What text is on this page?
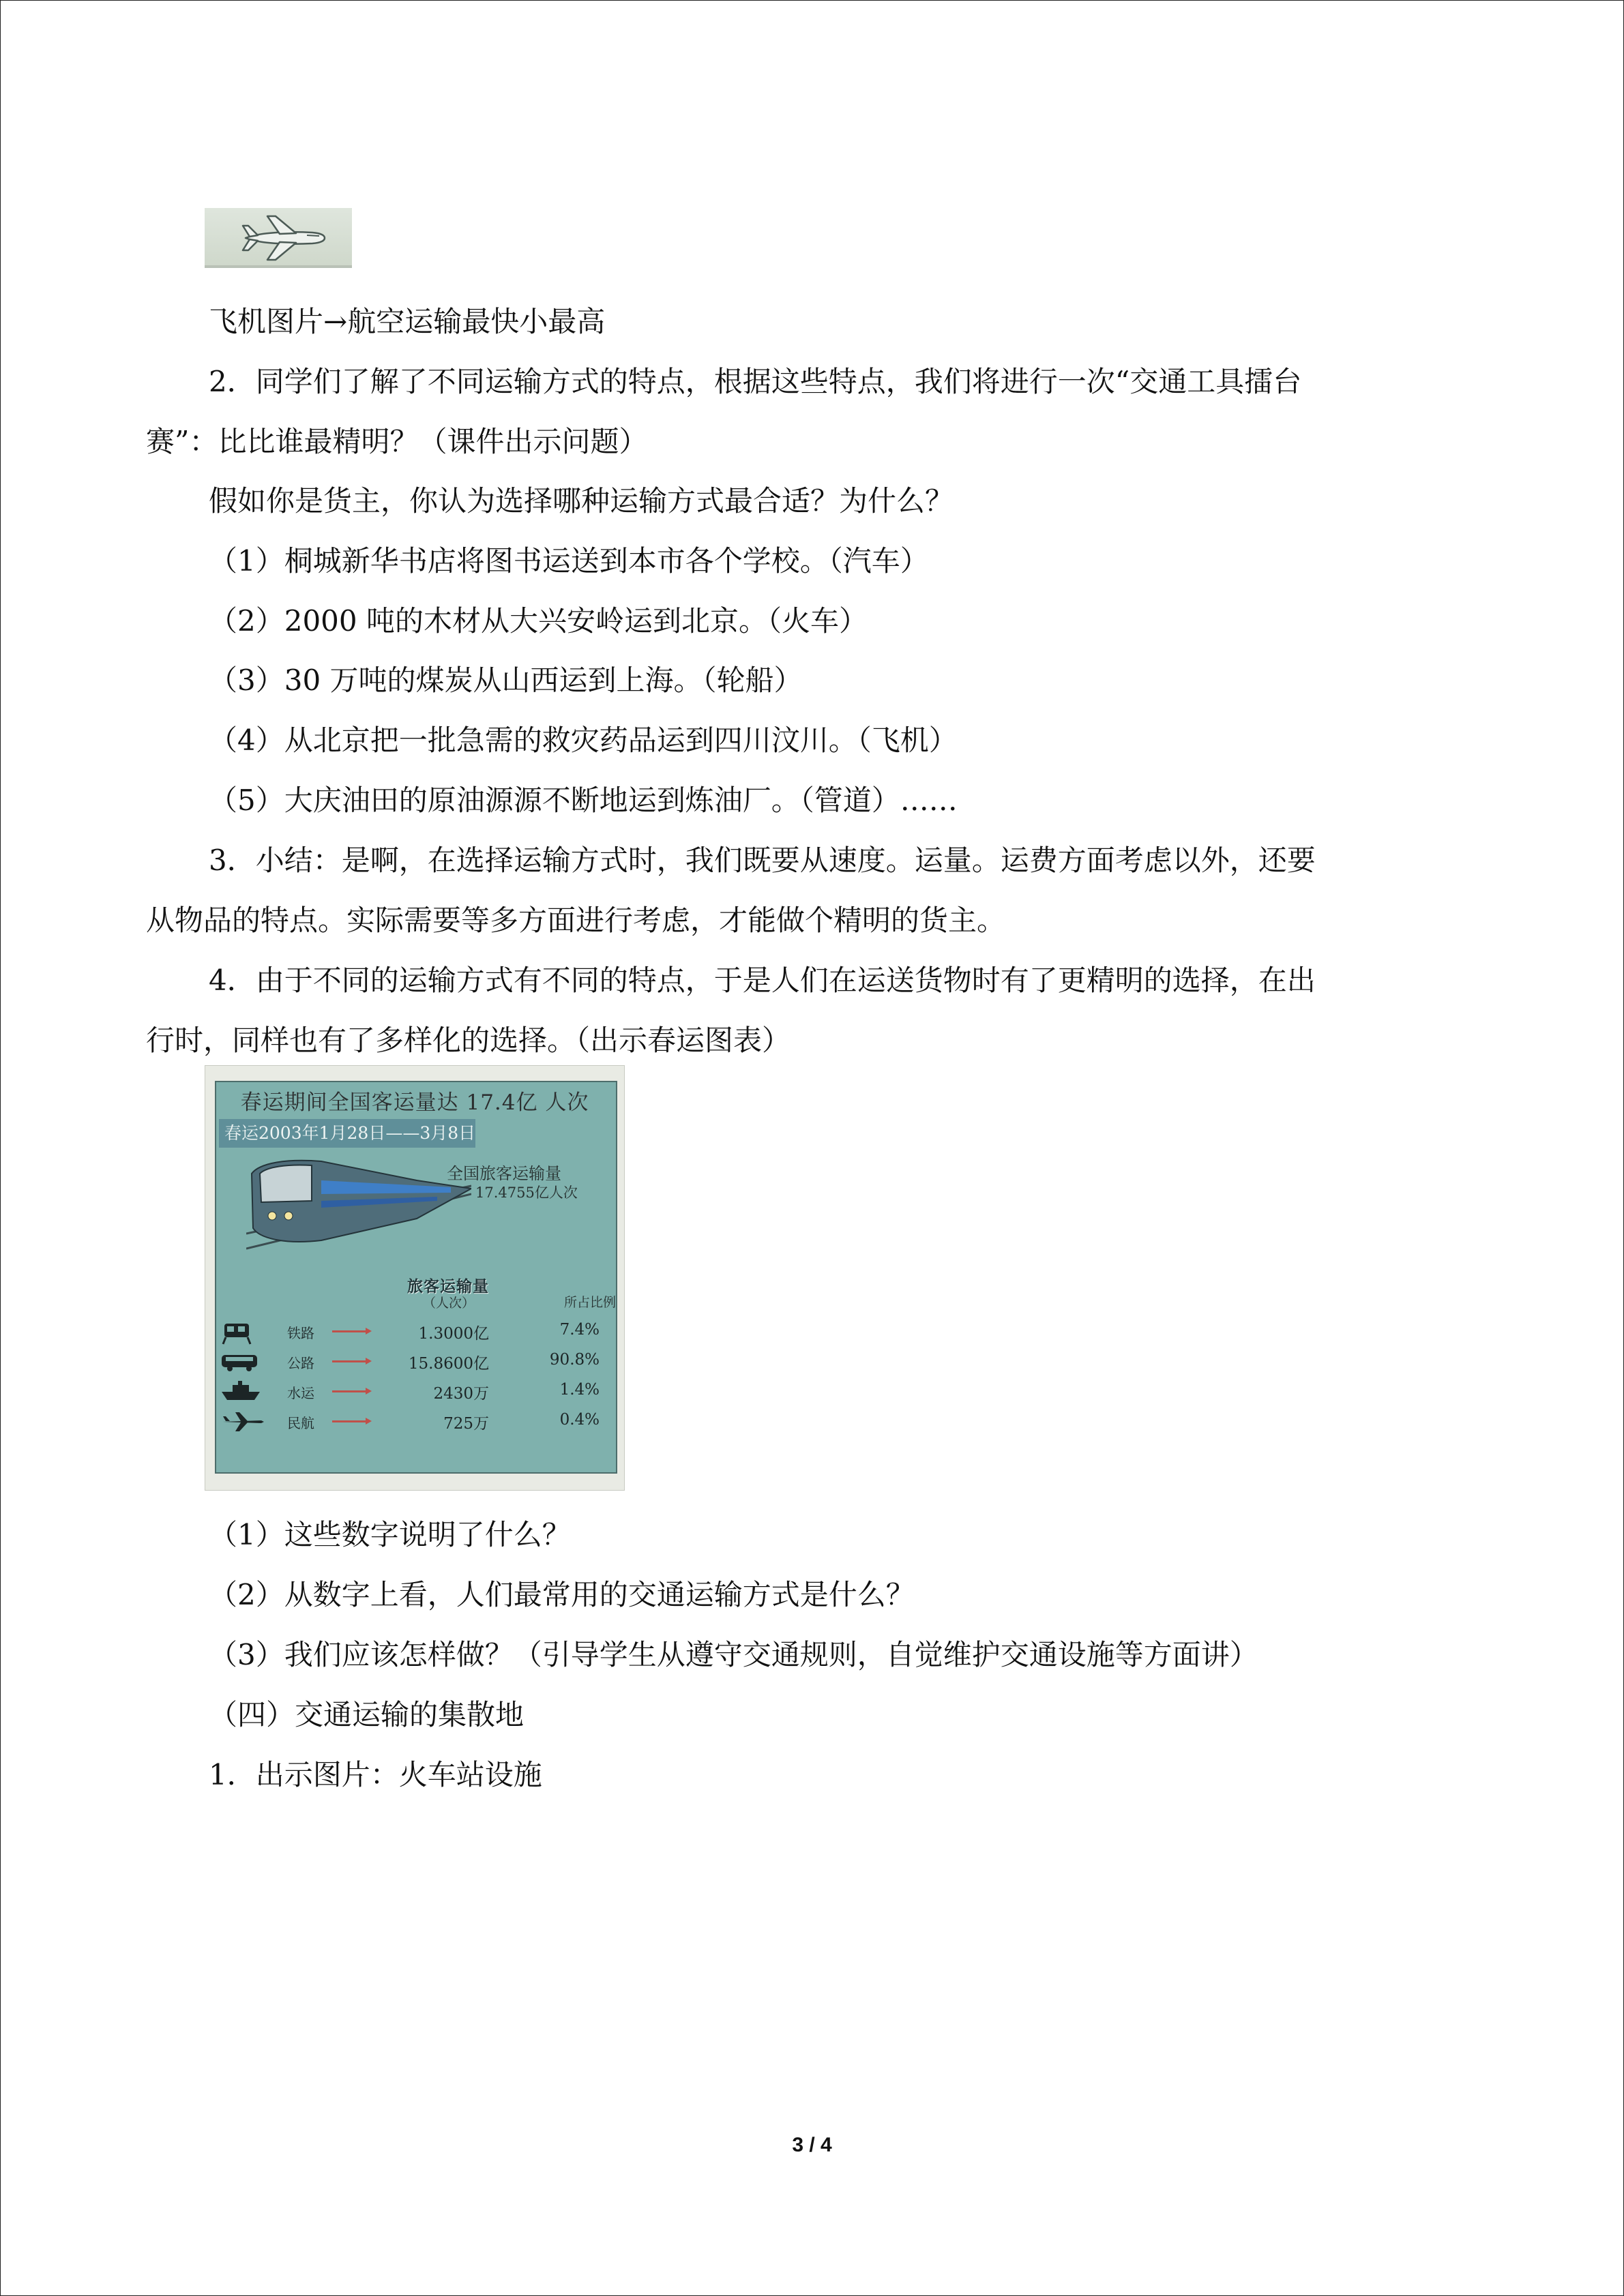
飞机图片→航空运输最快小最高

2．同学们了解了不同运输方式的特点，根据这些特点，我们将进行一次“交通工具擂台

赛”：比比谁最精明？（课件出示问题）

假如你是货主，你认为选择哪种运输方式最合适？为什么？

（1）桐城新华书店将图书运送到本市各个学校。（汽车）

（2）2000 吨的木材从大兴安岭运到北京。（火车）

（3）30 万吨的煤炭从山西运到上海。（轮船）

（4）从北京把一批急需的救灾药品运到四川汶川。（飞机）

（5）大庆油田的原油源源不断地运到炼油厂。（管道）……

3．小结：是啊，在选择运输方式时，我们既要从速度。运量。运费方面考虑以外，还要

从物品的特点。实际需要等多方面进行考虑，才能做个精明的货主。

4．由于不同的运输方式有不同的特点，于是人们在运送货物时有了更精明的选择，在出

行时，同样也有了多样化的选择。（出示春运图表）

春运期间全国客运量达 17.4亿 人次
春运2003年1月28日——3月8日
全国旅客运输量
17.4755亿人次
旅客运输量
（人次）	所占比例
铁路	1.3000亿	7.4%
公路	15.8600亿	90.8%
水运	2430万	1.4%
民航	725万	0.4%

（1）这些数字说明了什么？

（2）从数字上看，人们最常用的交通运输方式是什么？

（3）我们应该怎样做？（引导学生从遵守交通规则，自觉维护交通设施等方面讲）

（四）交通运输的集散地

1．出示图片：火车站设施

3 / 4
